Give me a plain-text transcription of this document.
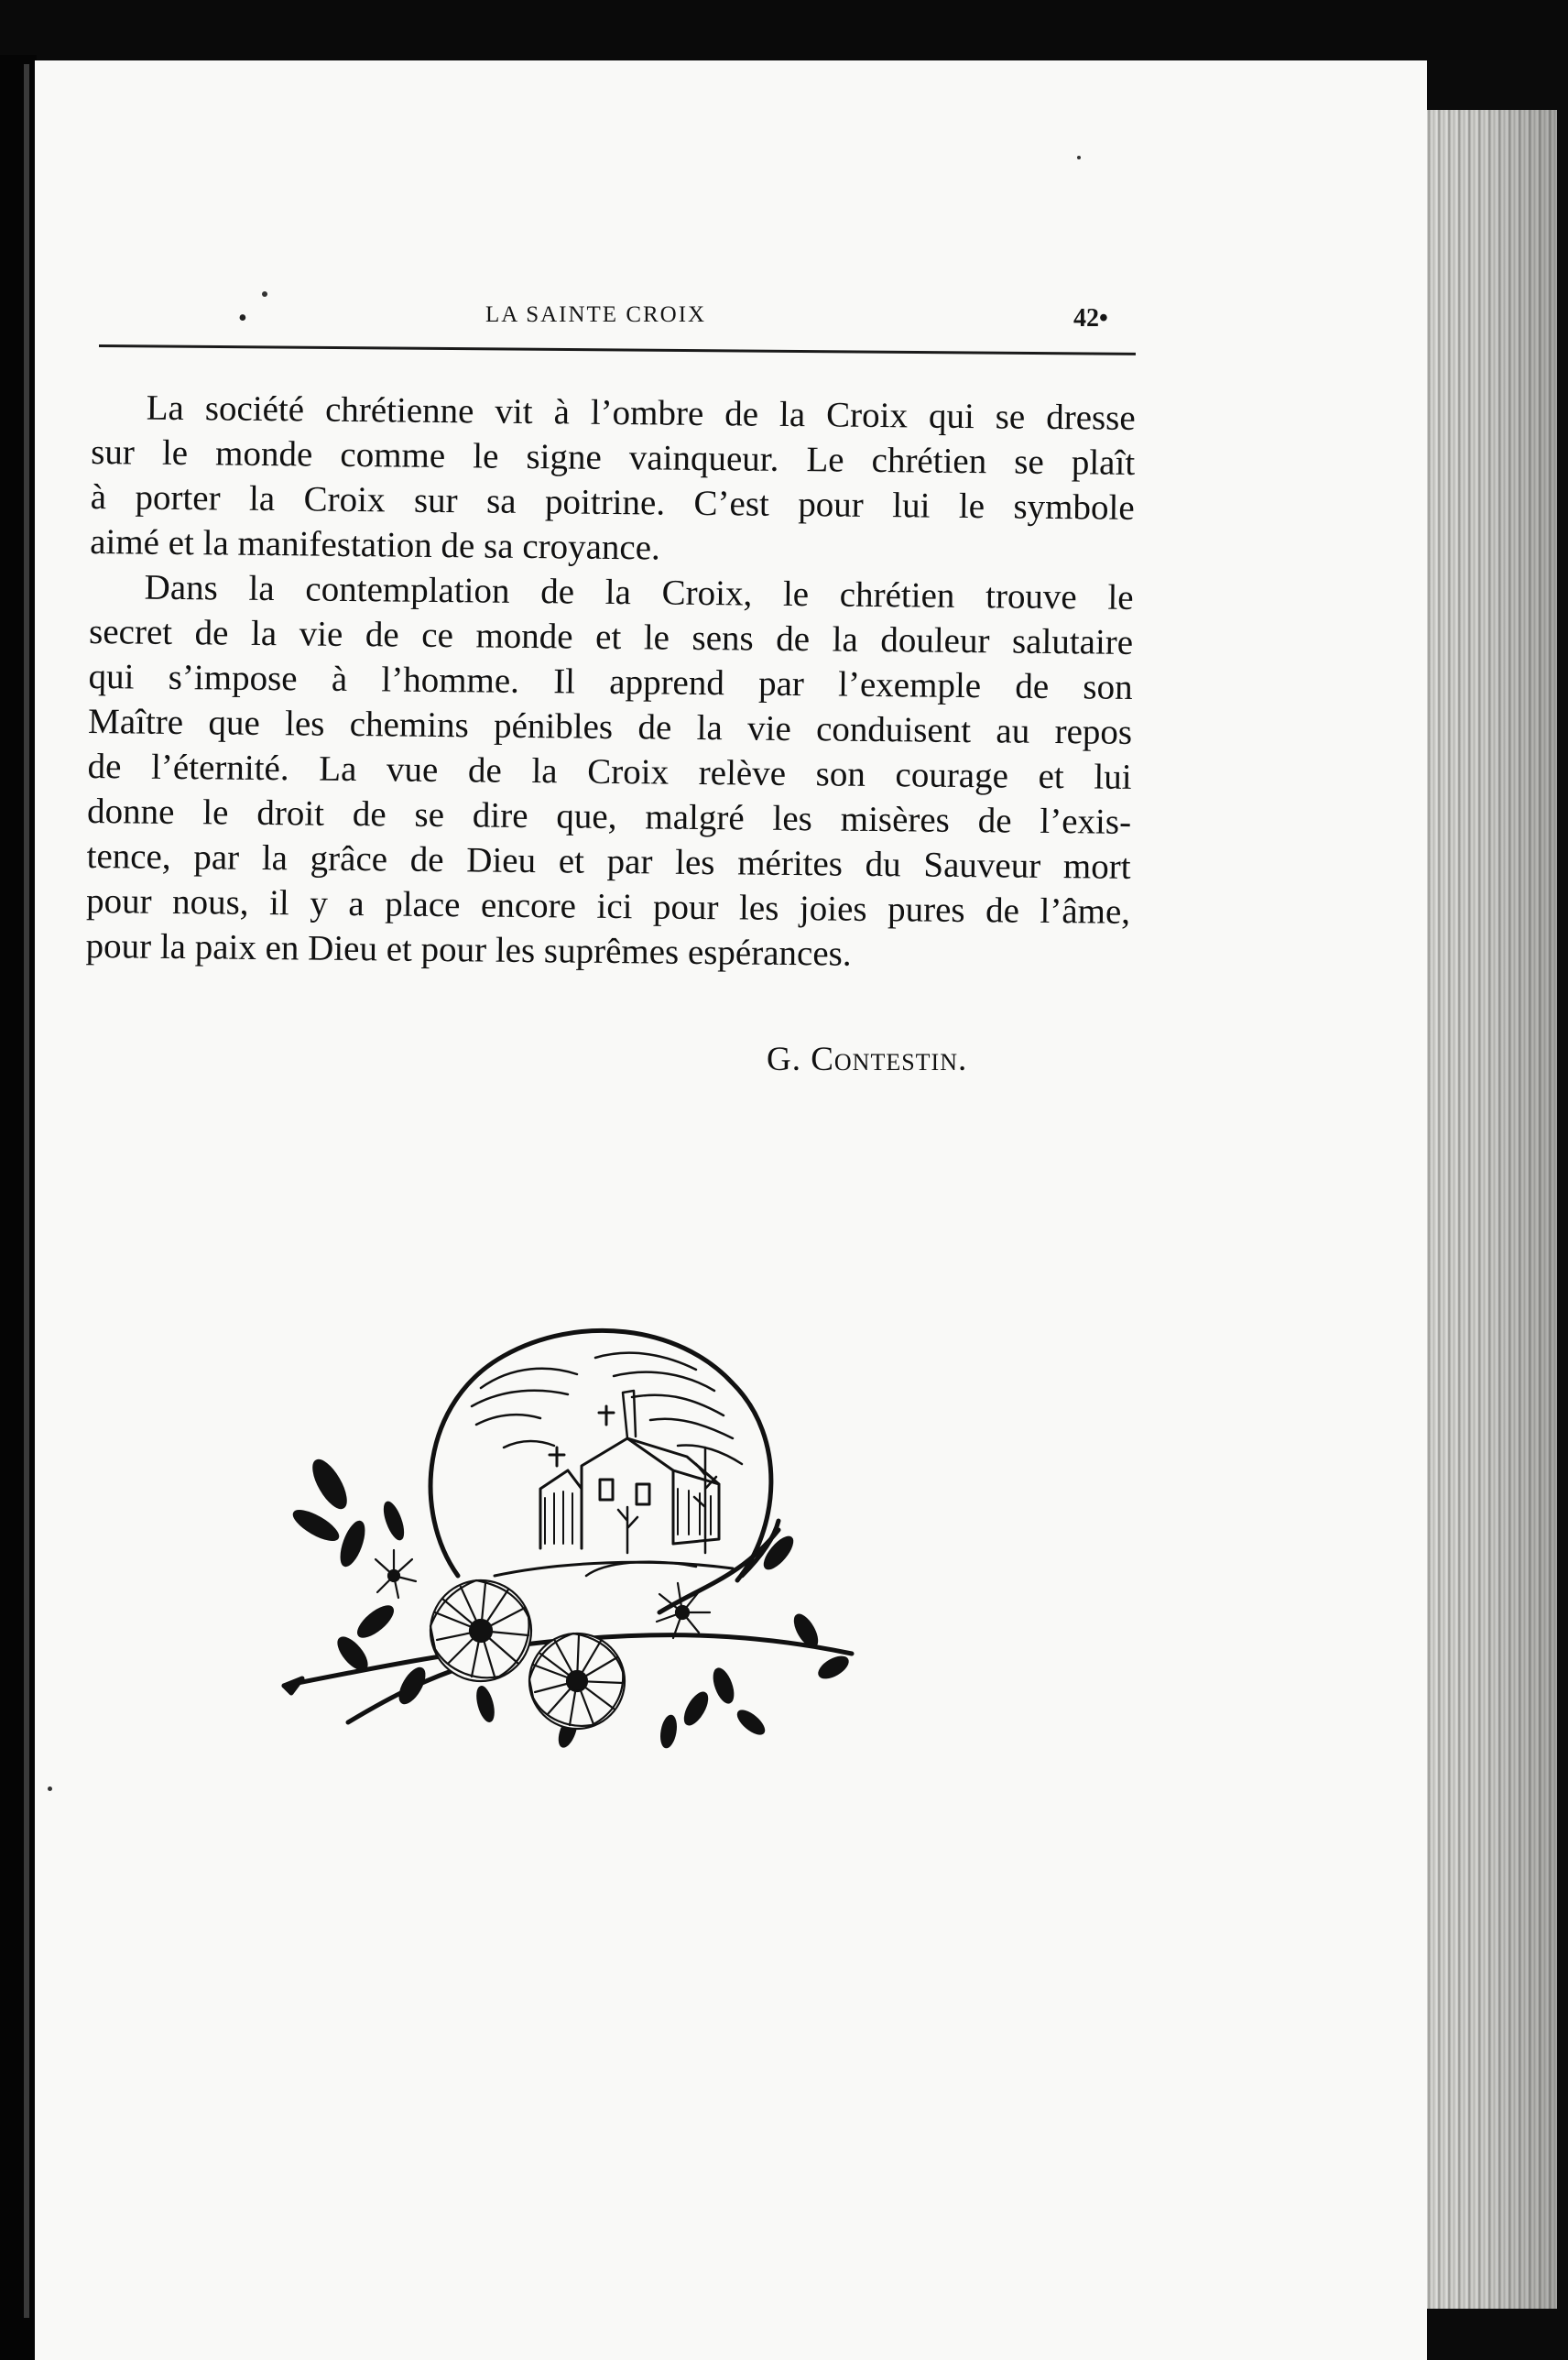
•	LA SAINTE CROIX	42•

La société chrétienne vit à l’ombre de la Croix qui se dresse
sur le monde comme le signe vainqueur. Le chrétien se plaît
à porter la Croix sur sa poitrine. C’est pour lui le symbole
aimé et la manifestation de sa croyance.

Dans la contemplation de la Croix, le chrétien trouve le
secret de la vie de ce monde et le sens de la douleur salutaire
qui s’impose à l’homme. Il apprend par l’exemple de son
Maître que les chemins pénibles de la vie conduisent au repos
de l’éternité. La vue de la Croix relève son courage et lui
donne le droit de se dire que, malgré les misères de l’exis-
tence, par la grâce de Dieu et par les mérites du Sauveur mort
pour nous, il y a place encore ici pour les joies pures de l’âme,
pour la paix en Dieu et pour les suprêmes espérances.

G. Contestin.
